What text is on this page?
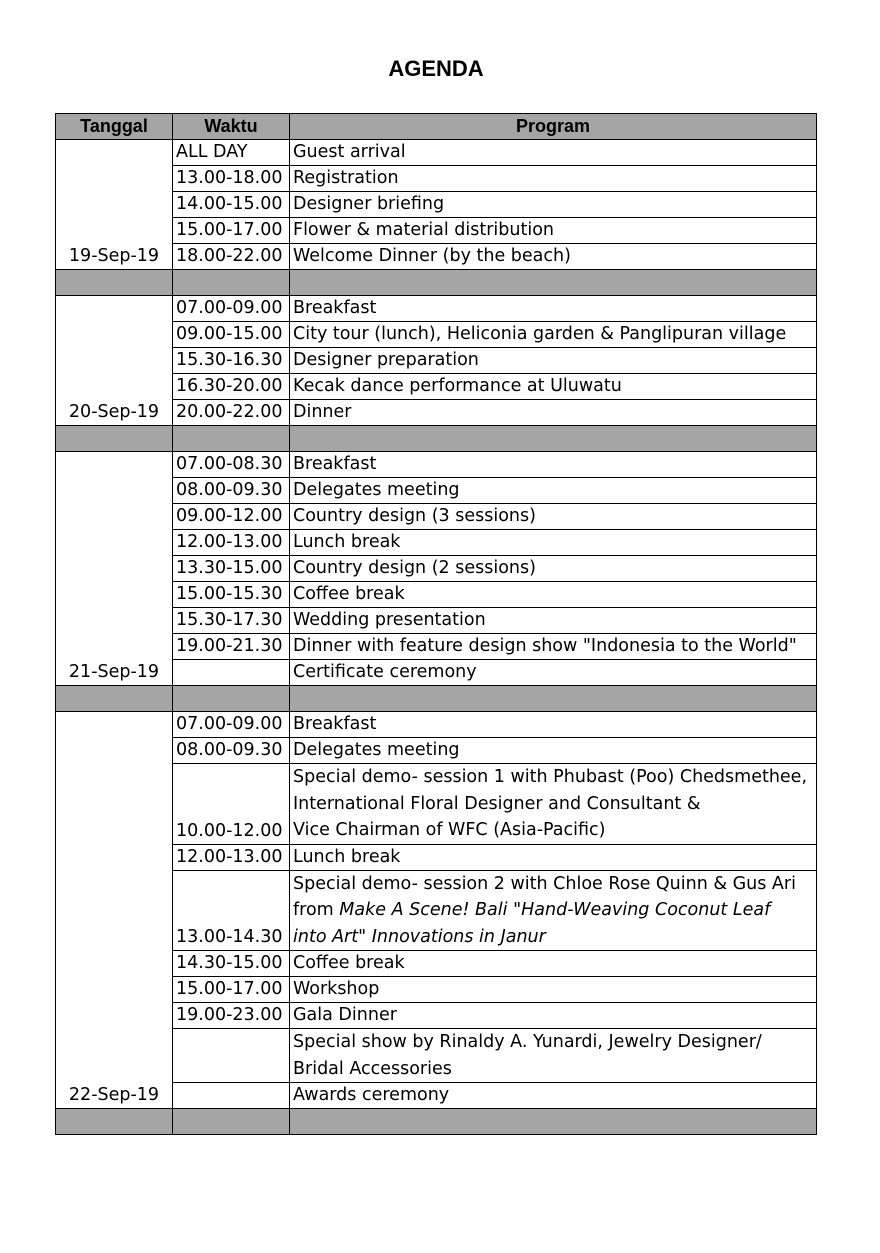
AGENDA
Tanggal	Waktu	Program
19-Sep-19	ALL DAY	Guest arrival
	13.00-18.00	Registration
	14.00-15.00	Designer briefing
	15.00-17.00	Flower & material distribution
	18.00-22.00	Welcome Dinner (by the beach)

20-Sep-19	07.00-09.00	Breakfast
	09.00-15.00	City tour (lunch), Heliconia garden & Panglipuran village
	15.30-16.30	Designer preparation
	16.30-20.00	Kecak dance performance at Uluwatu
	20.00-22.00	Dinner

21-Sep-19	07.00-08.30	Breakfast
	08.00-09.30	Delegates meeting
	09.00-12.00	Country design (3 sessions)
	12.00-13.00	Lunch break
	13.30-15.00	Country design (2 sessions)
	15.00-15.30	Coffee break
	15.30-17.30	Wedding presentation
	19.00-21.30	Dinner with feature design show "Indonesia to the World"
		Certificate ceremony

22-Sep-19	07.00-09.00	Breakfast
	08.00-09.30	Delegates meeting
	10.00-12.00	Special demo- session 1 with Phubast (Poo) Chedsmethee,
International Floral Designer and Consultant &
Vice Chairman of WFC (Asia-Pacific)

	12.00-13.00	Lunch break
	13.00-14.30	Special demo- session 2 with Chloe Rose Quinn & Gus Ari
from Make A Scene! Bali "Hand-Weaving Coconut Leaf
into Art" Innovations in Janur

	14.30-15.00	Coffee break
	15.00-17.00	Workshop
	19.00-23.00	Gala Dinner

		Special show by Rinaldy A. Yunardi, Jewelry Designer/
Bridal Accessories

		Awards ceremony
